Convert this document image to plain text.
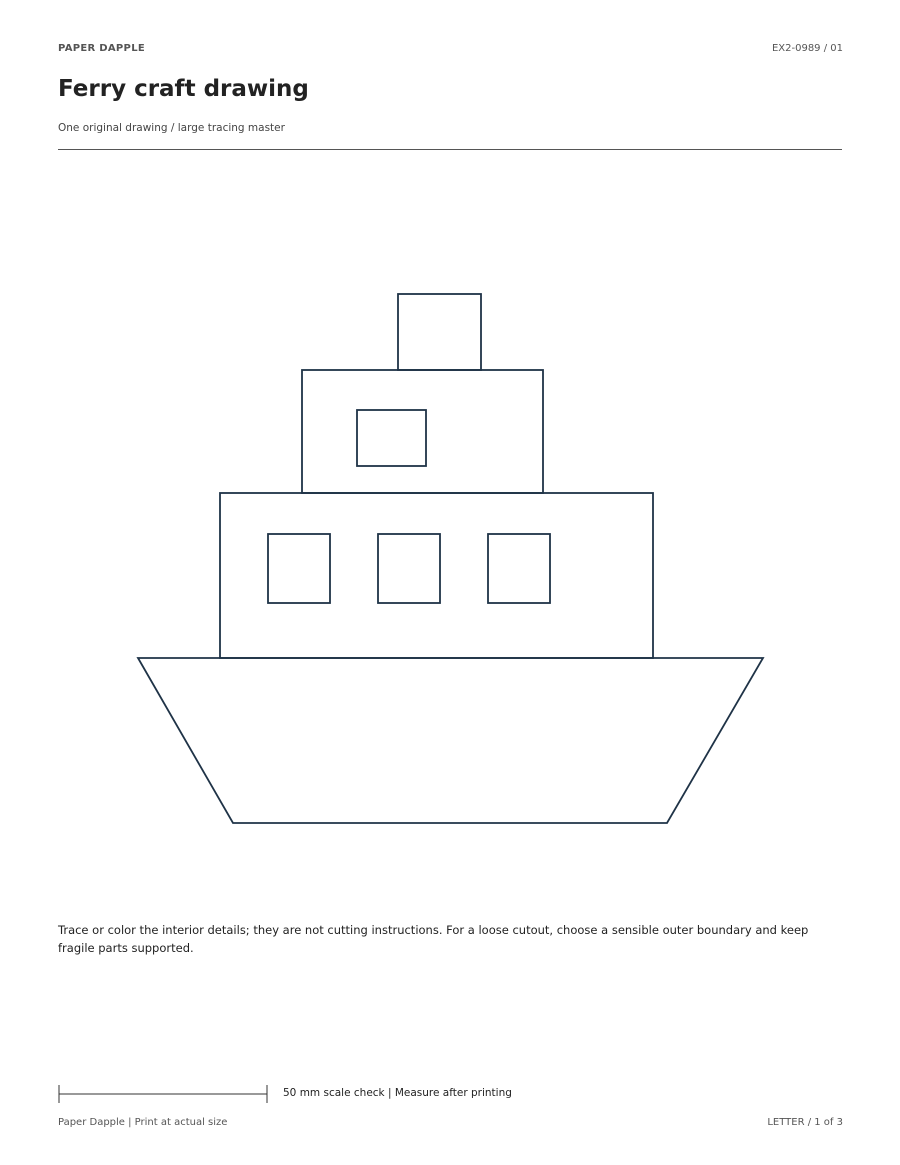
PAPER DAPPLE	EX2-0989 / 01
Ferry craft drawing
One original drawing / large tracing master
Trace or color the interior details; they are not cutting instructions. For a loose cutout, choose a sensible outer boundary and keep fragile parts supported.
50 mm scale check | Measure after printing
Paper Dapple | Print at actual size	LETTER / 1 of 3
